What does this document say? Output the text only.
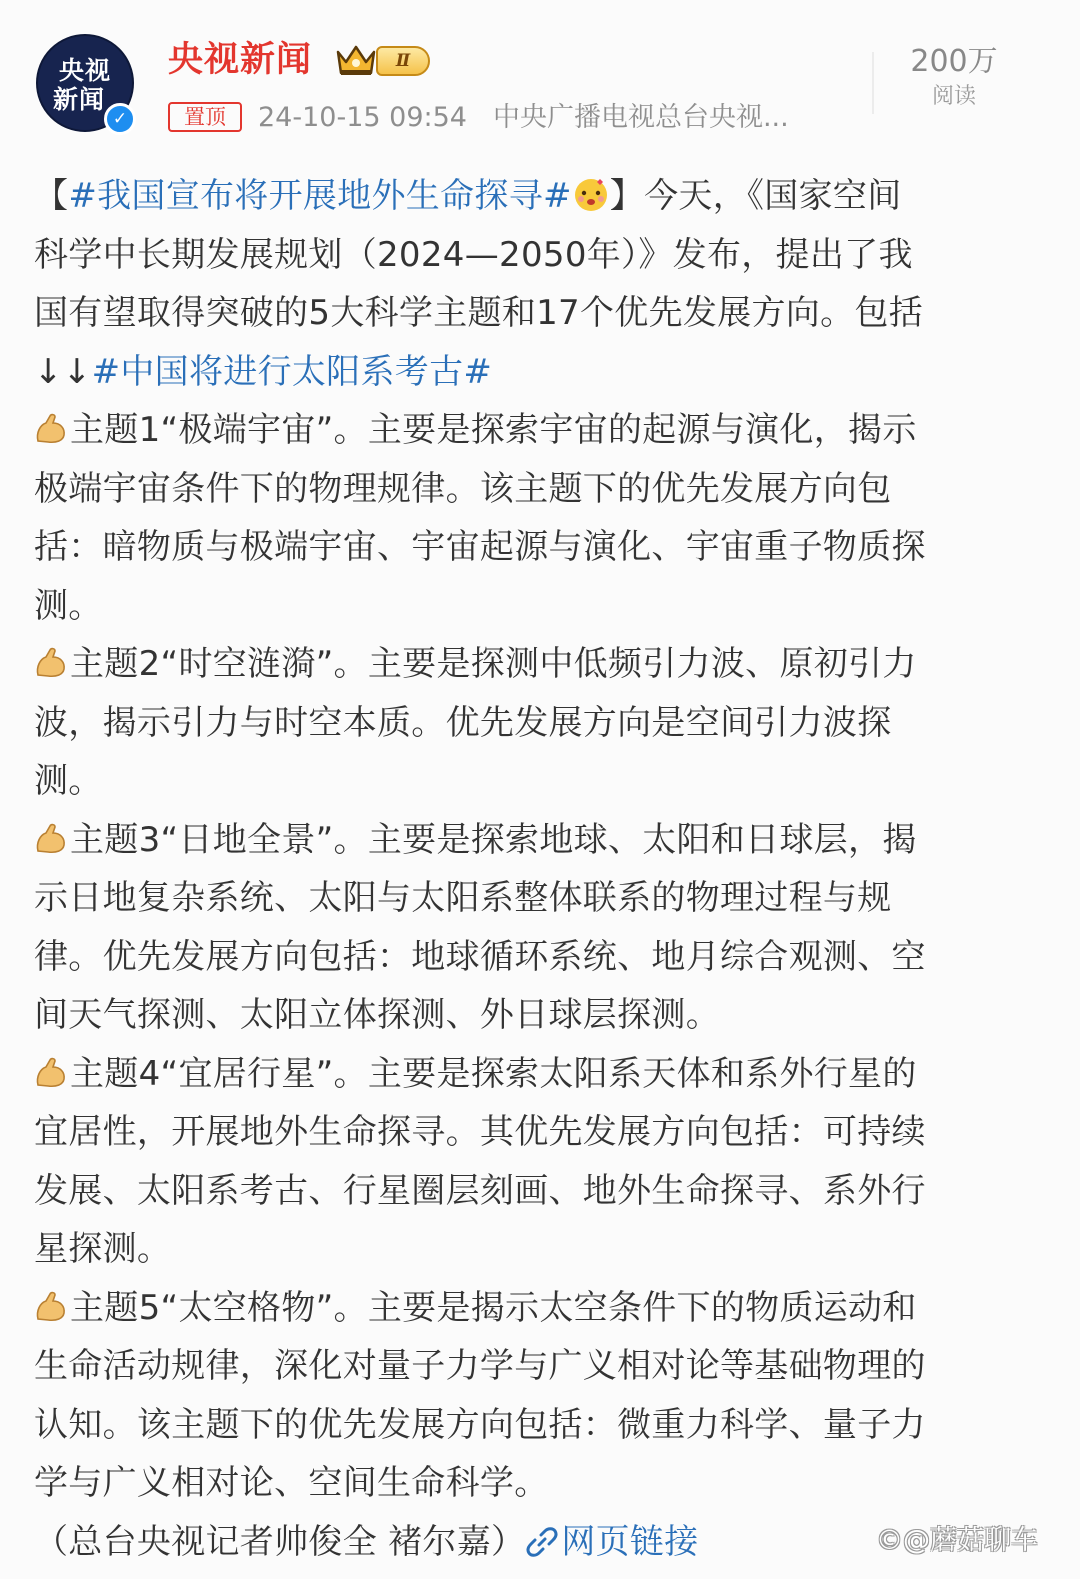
央视
新闻
✓
央视新闻	Ⅱ
置顶	24-10-15 09:54 中央广播电视总台央视...
200万
阅读
【#我国宣布将开展地外生命探寻# 】今天，《国家空间
科学中长期发展规划（2024—2050年）》发布，提出了我
国有望取得突破的5大科学主题和17个优先发展方向。包括
↓↓#中国将进行太阳系考古#
主题1“极端宇宙”。主要是探索宇宙的起源与演化，揭示
极端宇宙条件下的物理规律。该主题下的优先发展方向包
括：暗物质与极端宇宙、宇宙起源与演化、宇宙重子物质探
测。
主题2“时空涟漪”。主要是探测中低频引力波、原初引力
波，揭示引力与时空本质。优先发展方向是空间引力波探
测。
主题3“日地全景”。主要是探索地球、太阳和日球层，揭
示日地复杂系统、太阳与太阳系整体联系的物理过程与规
律。优先发展方向包括：地球循环系统、地月综合观测、空
间天气探测、太阳立体探测、外日球层探测。
主题4“宜居行星”。主要是探索太阳系天体和系外行星的
宜居性，开展地外生命探寻。其优先发展方向包括：可持续
发展、太阳系考古、行星圈层刻画、地外生命探寻、系外行
星探测。
主题5“太空格物”。主要是揭示太空条件下的物质运动和
生命活动规律，深化对量子力学与广义相对论等基础物理的
认知。该主题下的优先发展方向包括：微重力科学、量子力
学与广义相对论、空间生命科学。
（总台央视记者帅俊全 褚尔嘉） 网页链接	©@蘑菇聊车
